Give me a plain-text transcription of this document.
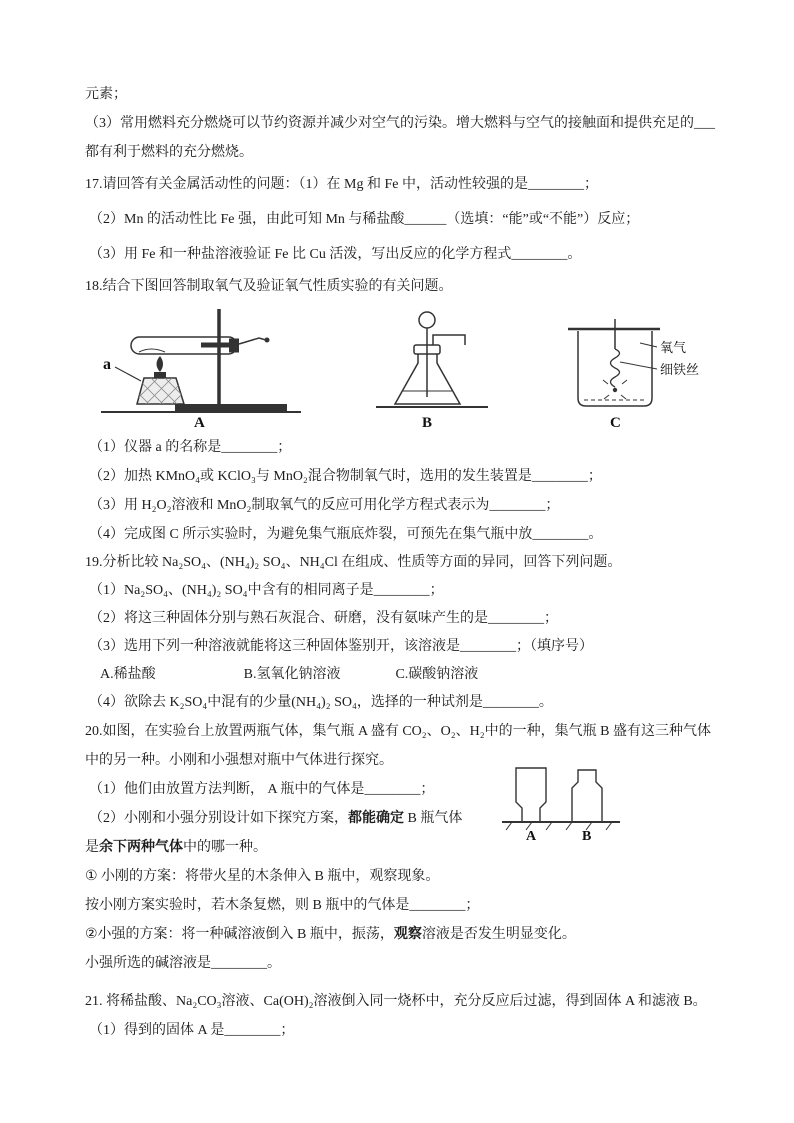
元素；

（3）常用燃料充分燃烧可以节约资源并减少对空气的污染。增大燃料与空气的接触面和提供充足的___

都有利于燃料的充分燃烧。

17.请回答有关金属活动性的问题：（1）在 Mg 和 Fe 中，活动性较强的是________；

（2）Mn 的活动性比 Fe 强，由此可知 Mn 与稀盐酸______（选填：“能”或“不能”）反应；

（3）用 Fe 和一种盐溶液验证 Fe 比 Cu 活泼，写出反应的化学方程式________。

18.结合下图回答制取氧气及验证氧气性质实验的有关问题。

a
A	B
氧气
细铁丝
C

（1）仪器 a 的名称是________；

（2）加热 KMnO₄或 KClO₃与 MnO₂混合物制氧气时，选用的发生装置是________；

（3）用 H₂O₂溶液和 MnO₂制取氧气的反应可用化学方程式表示为________；

（4）完成图 C 所示实验时，为避免集气瓶底炸裂，可预先在集气瓶中放________。

19.分析比较 Na₂SO₄、(NH₄)₂ SO₄、NH₄Cl 在组成、性质等方面的异同，回答下列问题。

（1）Na₂SO₄、(NH₄)₂ SO₄中含有的相同离子是________；

（2）将这三种固体分别与熟石灰混合、研磨，没有氨味产生的是________；

（3）选用下列一种溶液就能将这三种固体鉴别开，该溶液是________；（填序号）

A.稀盐酸	B.氢氧化钠溶液	C.碳酸钠溶液

（4）欲除去 K₂SO₄中混有的少量(NH₄)₂ SO₄，选择的一种试剂是________。

20.如图，在实验台上放置两瓶气体，集气瓶 A 盛有 CO₂、O₂、H₂中的一种，集气瓶 B 盛有这三种气体

中的另一种。小刚和小强想对瓶中气体进行探究。

（1）他们由放置方法判断， A 瓶中的气体是________；

（2）小刚和小强分别设计如下探究方案，都能确定 B 瓶气体

是余下两种气体中的哪一种。

① 小刚的方案：将带火星的木条伸入 B 瓶中，观察现象。

按小刚方案实验时，若木条复燃，则 B 瓶中的气体是________；

②小强的方案：将一种碱溶液倒入 B 瓶中，振荡，观察溶液是否发生明显变化。

小强所选的碱溶液是________。

A	B

21. 将稀盐酸、Na₂CO₃溶液、Ca(OH)₂溶液倒入同一烧杯中，充分反应后过滤，得到固体 A 和滤液 B。

（1）得到的固体 A 是________；
